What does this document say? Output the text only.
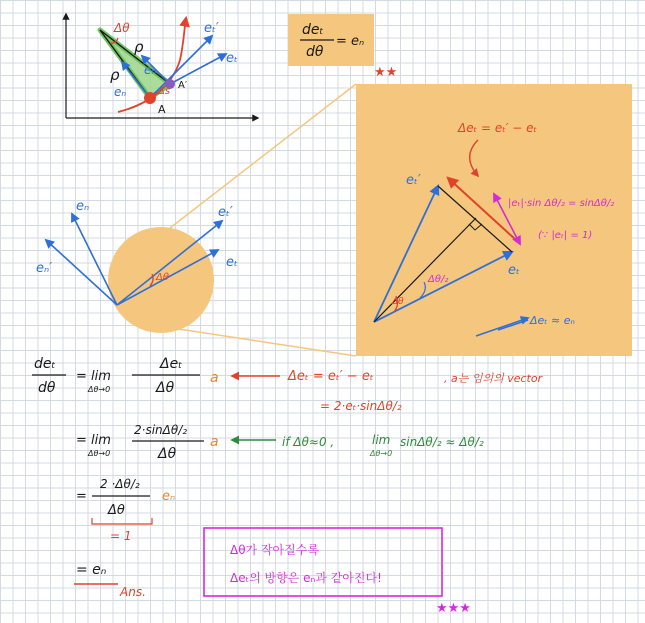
Δθ
ρ
ρ
eₜ′
eₜ
eₙ
eₙ	Δs
A
A′
deₜ
dθ
= eₙ
★★
eₙ	eₜ′
eₙ′	eₜ
Δθ
Δeₜ = eₜ′ − eₜ
eₜ′
eₜ
Δθ/₂
Δθ
|eₜ|·sin Δθ/₂ = sinΔθ/₂
(∵ |eₜ| = 1)
Δeₜ ≈ eₙ
deₜ
dθ
= lim
Δθ→0
Δeₜ
Δθ
a	Δeₜ = eₜ′ − eₜ
= 2·eₜ·sinΔθ/₂
, a는 임의의 vector
= lim
Δθ→0
2·sinΔθ/₂
Δθ
a	if Δθ≈0 ,	lim
Δθ→0
sinΔθ/₂ ≈ Δθ/₂
=
2 ·Δθ/₂
Δθ
eₙ
= 1
= eₙ
Ans.
Δθ가 작아질수록
Δeₜ의 방향은 eₙ과 같아진다!
★★★
